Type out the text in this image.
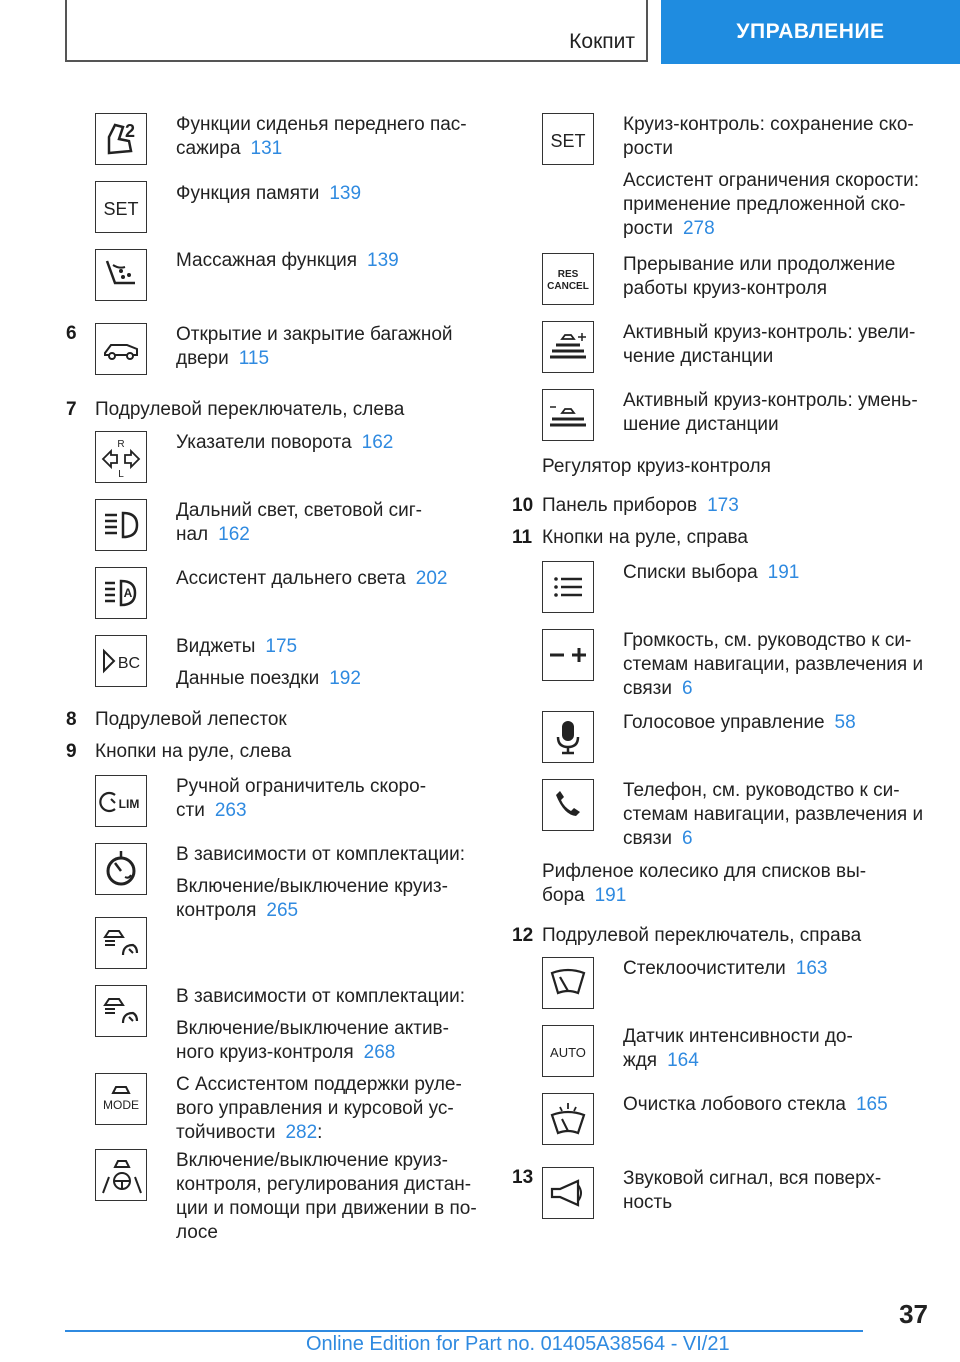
Кокпит	УПРАВЛЕНИЕ
2 Функции сиденья переднего пас-
сажира 131
SET
Функция памяти 139
Массажная функция 139
6	Открытие и закрытие багажной
двери 115
7 Подрулевой переключатель, слева
R
L
Указатели поворота 162
Дальний свет, световой сиг-
нал 162
A
Ассистент дальнего света 202
BC

Виджеты 175

Данные поездки 192

8 Подрулевой лепесток
9 Кнопки на руле, слева
LIM
Ручной ограничитель скоро-
сти 263

В зависимости от комплектации:

Включение/выключение круиз-
контроля 265

В зависимости от комплектации:

Включение/выключение актив-
ного круиз-контроля 268

MODE
С Ассистентом поддержки руле-
вого управления и курсовой ус-
тойчивости 282:
Включение/выключение круиз-
контроля, регулирования дистан-
ции и помощи при движении в по-
лосе
SET

Круиз-контроль: сохранение ско-
рости

Ассистент ограничения скорости:
применение предложенной ско-
рости 278

RES
CANCEL
Прерывание или продолжение
работы круиз-контроля
Активный круиз-контроль: увели-
чение дистанции
Активный круиз-контроль: умень-
шение дистанции
Регулятор круиз-контроля
10 Панель приборов 173
11 Кнопки на руле, справа
Списки выбора 191
Громкость, см. руководство к си-
стемам навигации, развлечения и
связи 6
Голосовое управление 58
Телефон, см. руководство к си-
стемам навигации, развлечения и
связи 6
Рифленое колесико для списков вы-
бора 191
12 Подрулевой переключатель, справа
Стеклоочистители 163
AUTO
Датчик интенсивности до-
ждя 164
Очистка лобового стекла 165
13	Звуковой сигнал, вся поверх-
ность
37
Online Edition for Part no. 01405A38564 - VI/21
